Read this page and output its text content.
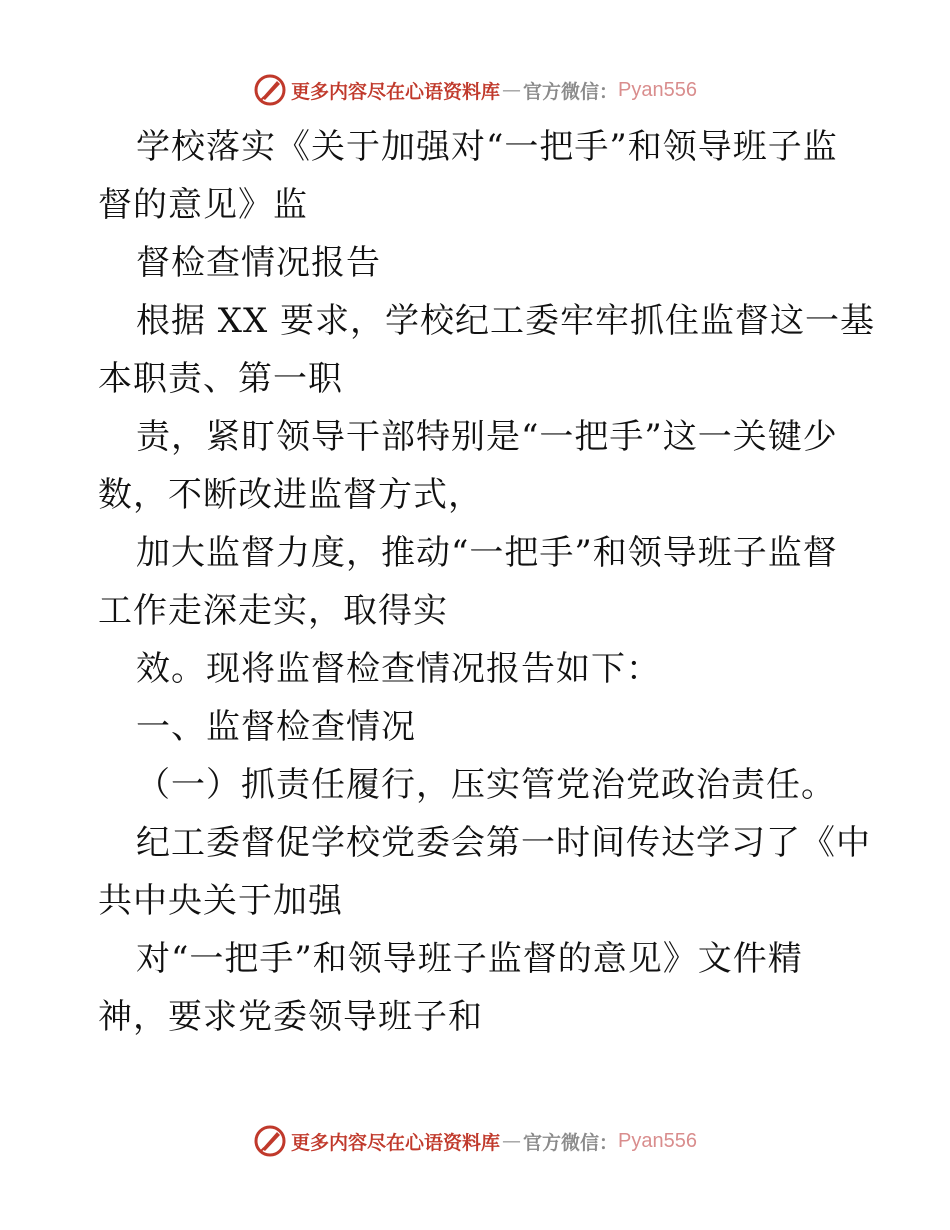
更多内容尽在心语资料库 — 官方微信： Pyan556
学校落实《关于加强对“一把手”和领导班子监
督的意见》监
督检查情况报告
根据 XX 要求，学校纪工委牢牢抓住监督这一基
本职责、第一职
责，紧盯领导干部特别是“一把手”这一关键少
数，不断改进监督方式，
加大监督力度，推动“一把手”和领导班子监督
工作走深走实，取得实
效。现将监督检查情况报告如下：
一、监督检查情况
（一）抓责任履行，压实管党治党政治责任。
纪工委督促学校党委会第一时间传达学习了《中
共中央关于加强
对“一把手”和领导班子监督的意见》文件精
神，要求党委领导班子和
更多内容尽在心语资料库 — 官方微信： Pyan556
